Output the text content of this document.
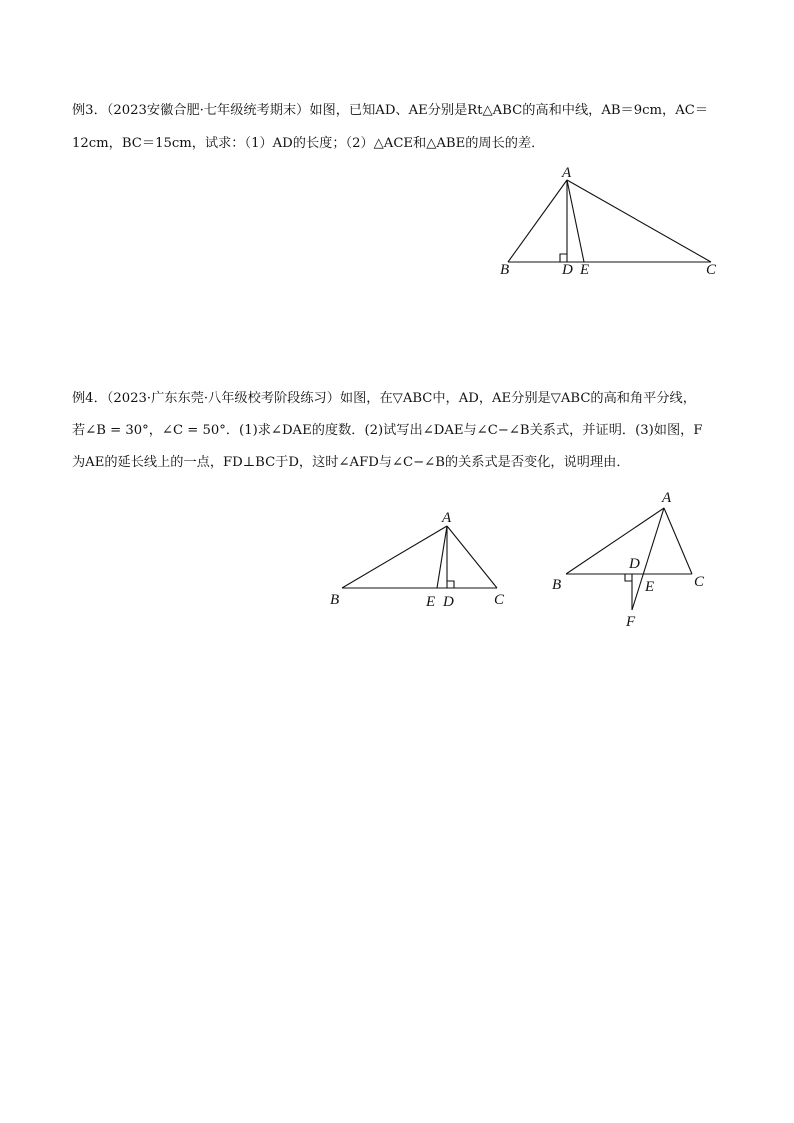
例3．（2023安徽合肥·七年级统考期末）如图，已知AD、AE分别是Rt△ABC的高和中线，AB＝9cm，AC＝
12cm，BC＝15cm，试求：（1）AD的长度；（2）△ACE和△ABE的周长的差．
A
B	D E	C
例4．（2023·广东东莞·八年级校考阶段练习）如图，在▽ABC中，AD，AE分别是▽ABC的高和角平分线，
若∠B = 30°，∠C = 50°．(1)求∠DAE的度数．(2)试写出∠DAE与∠C−∠B关系式，并证明．(3)如图，F
为AE的延长线上的一点，FD⊥BC于D，这时∠AFD与∠C−∠B的关系式是否变化，说明理由．
A
B	E D	C
A
B
D
E	C
F
